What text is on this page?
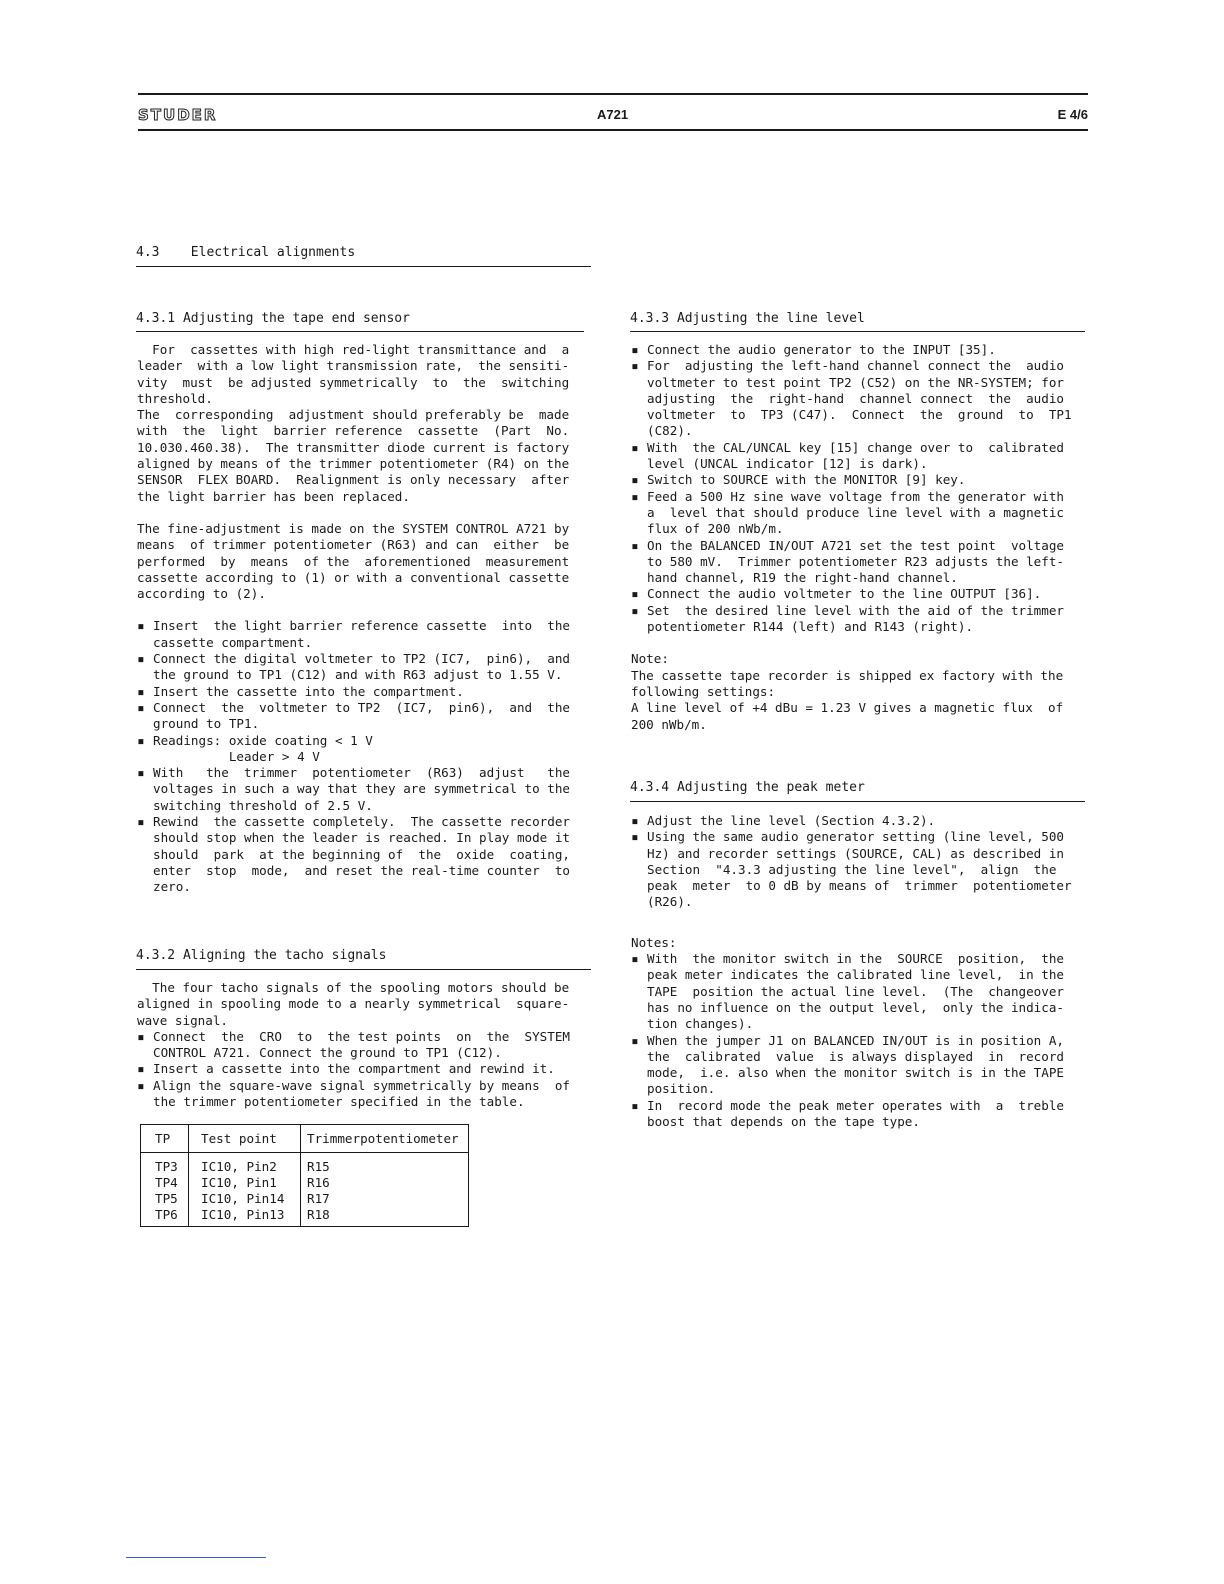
STUDER	A721	E 4/6
4.3    Electrical alignments
4.3.1 Adjusting the tape end sensor

For  cassettes with high red-light transmittance and  a
leader  with a low light transmission rate,  the sensiti-
vity  must  be adjusted symmetrically  to  the  switching
threshold.
The  corresponding  adjustment should preferably be  made
with  the  light  barrier reference  cassette  (Part  No.
10.030.460.38).  The transmitter diode current is factory
aligned by means of the trimmer potentiometer (R4) on the
SENSOR  FLEX BOARD.  Realignment is only necessary  after
the light barrier has been replaced.

The fine-adjustment is made on the SYSTEM CONTROL A721 by
means  of trimmer potentiometer (R63) and can  either  be
performed  by  means  of the  aforementioned  measurement
cassette according to (1) or with a conventional cassette
according to (2).

▪ Insert  the light barrier reference cassette  into  the
cassette compartment.
▪ Connect the digital voltmeter to TP2 (IC7,  pin6),  and
the ground to TP1 (C12) and with R63 adjust to 1.55 V.
▪ Insert the cassette into the compartment.
▪ Connect  the  voltmeter to TP2  (IC7,  pin6),  and  the
ground to TP1.
▪ Readings: oxide coating < 1 V
Leader > 4 V
▪ With   the  trimmer  potentiometer  (R63)  adjust   the
voltages in such a way that they are symmetrical to the
switching threshold of 2.5 V.
▪ Rewind  the cassette completely.  The cassette recorder
should stop when the leader is reached. In play mode it
should  park  at the beginning of  the  oxide  coating,
enter  stop  mode,  and reset the real-time counter  to
zero.
4.3.2 Aligning the tacho signals

The four tacho signals of the spooling motors should be
aligned in spooling mode to a nearly symmetrical  square-
wave signal.

▪ Connect  the  CRO  to  the test points  on  the  SYSTEM
CONTROL A721. Connect the ground to TP1 (C12).
▪ Insert a cassette into the compartment and rewind it.
▪ Align the square-wave signal symmetrically by means  of
the trimmer potentiometer specified in the table.
TP	Test point	Trimmerpotentiometer

TP3	IC10, Pin2	R15
TP4	IC10, Pin1	R16
TP5	IC10, Pin14	R17
TP6	IC10, Pin13	R18
4.3.3 Adjusting the line level
▪ Connect the audio generator to the INPUT [35].
▪ For  adjusting the left-hand channel connect the  audio
voltmeter to test point TP2 (C52) on the NR-SYSTEM; for
adjusting  the  right-hand  channel connect  the  audio
voltmeter  to  TP3 (C47).  Connect  the  ground  to  TP1
(C82).
▪ With  the CAL/UNCAL key [15] change over to  calibrated
level (UNCAL indicator [12] is dark).
▪ Switch to SOURCE with the MONITOR [9] key.
▪ Feed a 500 Hz sine wave voltage from the generator with
a  level that should produce line level with a magnetic
flux of 200 nWb/m.
▪ On the BALANCED IN/OUT A721 set the test point  voltage
to 580 mV.  Trimmer potentiometer R23 adjusts the left-
hand channel, R19 the right-hand channel.
▪ Connect the audio voltmeter to the line OUTPUT [36].
▪ Set  the desired line level with the aid of the trimmer
potentiometer R144 (left) and R143 (right).

Note:

The cassette tape recorder is shipped ex factory with the
following settings:
A line level of +4 dBu = 1.23 V gives a magnetic flux  of
200 nWb/m.

4.3.4 Adjusting the peak meter
▪ Adjust the line level (Section 4.3.2).
▪ Using the same audio generator setting (line level, 500
Hz) and recorder settings (SOURCE, CAL) as described in
Section  "4.3.3 adjusting the line level",  align  the
peak  meter  to 0 dB by means of  trimmer  potentiometer
(R26).

Notes:

▪ With  the monitor switch in the  SOURCE  position,  the
peak meter indicates the calibrated line level,  in the
TAPE  position the actual line level.  (The  changeover
has no influence on the output level,  only the indica-
tion changes).
▪ When the jumper J1 on BALANCED IN/OUT is in position A,
the  calibrated  value  is always displayed  in  record
mode,  i.e. also when the monitor switch is in the TAPE
position.
▪ In  record mode the peak meter operates with  a  treble
boost that depends on the tape type.
